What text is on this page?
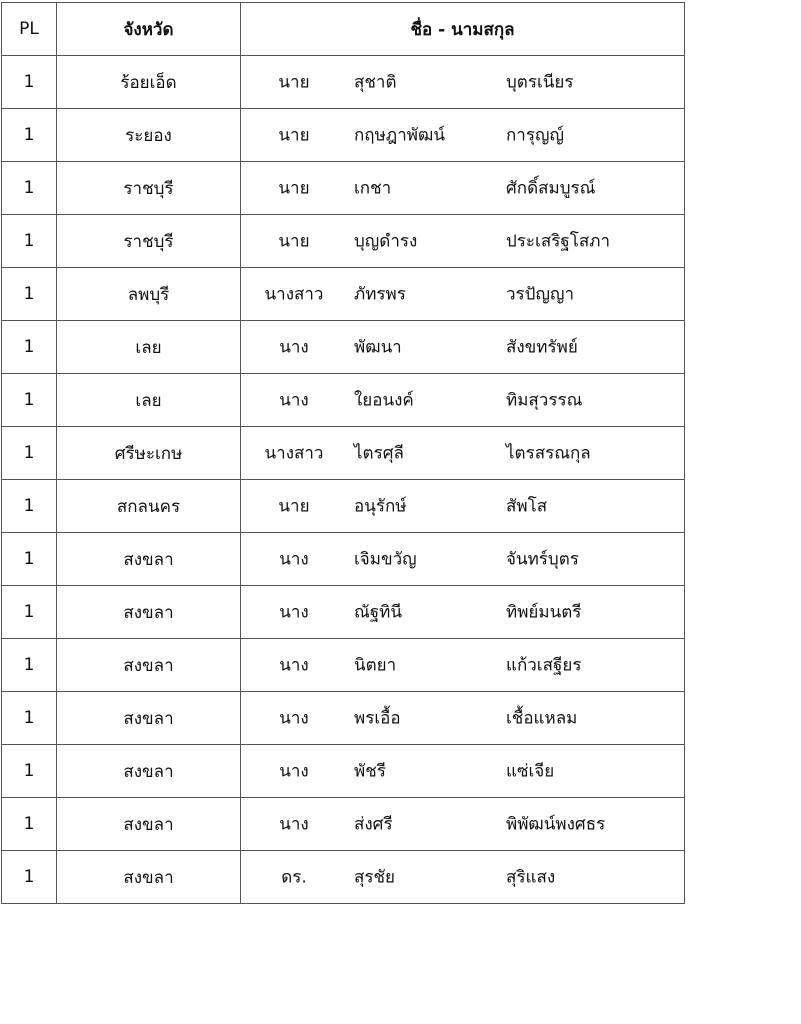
PL	จังหวัด	ชื่อ - นามสกุล
1	ร้อยเอ็ด	นาย สุชาติ บุตรเนียร

1	ระยอง	นาย กฤษฎาพัฒน์ การุญญ์

1	ราชบุรี	นาย เกชา ศักดิ์สมบูรณ์

1	ราชบุรี	นาย บุญดำรง ประเสริฐโสภา

1	ลพบุรี	นางสาว ภัทรพร วรปัญญา

1	เลย	นาง พัฒนา สังขทรัพย์

1	เลย	นาง ใยอนงค์ ทิมสุวรรณ

1	ศรีษะเกษ	นางสาว ไตรศุลี ไตรสรณกุล

1	สกลนคร	นาย อนุรักษ์ สัพโส

1	สงขลา	นาง เจิมขวัญ จันทร์บุตร

1	สงขลา	นาง ณัฐทินี ทิพย์มนตรี

1	สงขลา	นาง นิตยา แก้วเสฐียร

1	สงขลา	นาง พรเอื้อ เชื้อแหลม

1	สงขลา	นาง พัชรี แซ่เจีย

1	สงขลา	นาง ส่งศรี พิพัฒน์พงศธร

1	สงขลา	ดร. สุรชัย สุริแสง
